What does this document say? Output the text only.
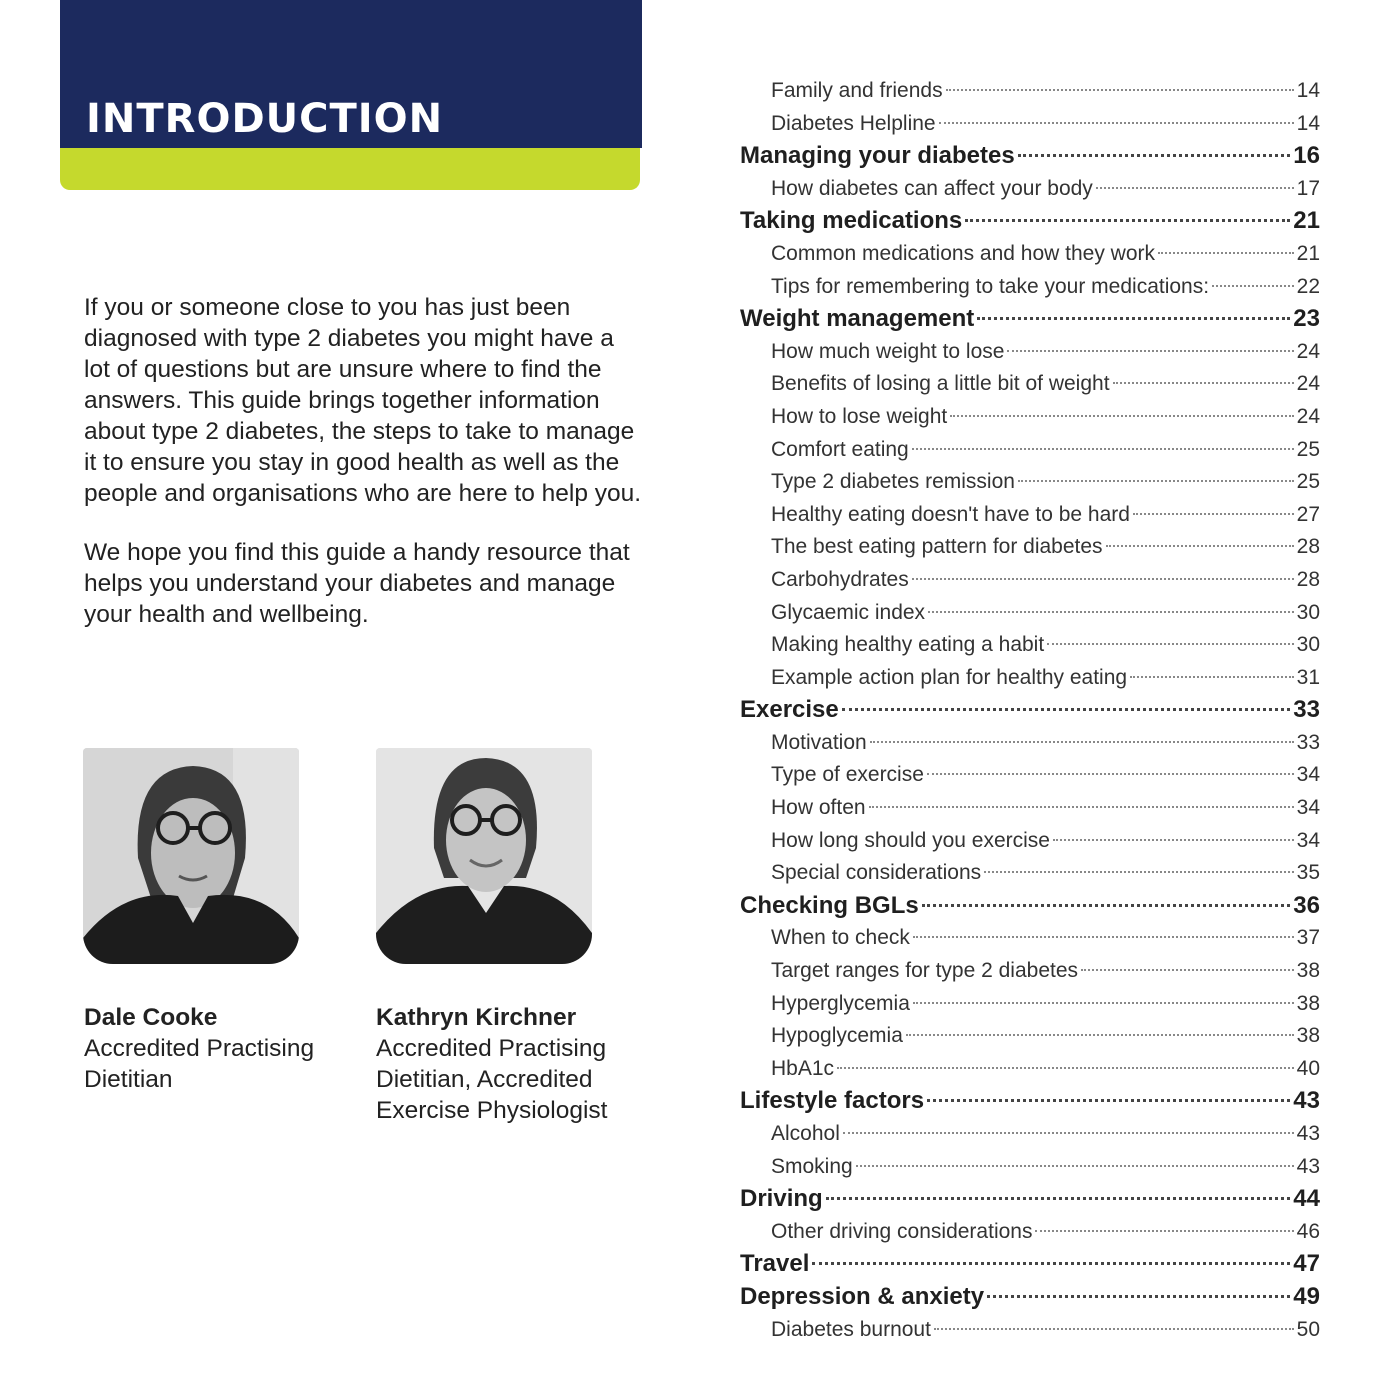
INTRODUCTION

If you or someone close to you has just been diagnosed with type 2 diabetes you might have a lot of questions but are unsure where to find the answers. This guide brings together information about type 2 diabetes, the steps to take to manage it to ensure you stay in good health as well as the people and organisations who are here to help you.

We hope you find this guide a handy resource that helps you understand your diabetes and manage your health and wellbeing.

Dale Cooke
Accredited Practising Dietitian
Kathryn Kirchner
Accredited Practising Dietitian, Accredited Exercise Physiologist
Family and friends	14
Diabetes Helpline	14
Managing your diabetes	16
How diabetes can affect your body	17
Taking medications	21
Common medications and how they work	21
Tips for remembering to take your medications:	22
Weight management	23
How much weight to lose	24
Benefits of losing a little bit of weight	24
How to lose weight	24
Comfort eating	25
Type 2 diabetes remission	25
Healthy eating doesn't have to be hard	27
The best eating pattern for diabetes	28
Carbohydrates	28
Glycaemic index	30
Making healthy eating a habit	30
Example action plan for healthy eating	31
Exercise	33
Motivation	33
Type of exercise	34
How often	34
How long should you exercise	34
Special considerations	35
Checking BGLs	36
When to check	37
Target ranges for type 2 diabetes	38
Hyperglycemia	38
Hypoglycemia	38
HbA1c	40
Lifestyle factors	43
Alcohol	43
Smoking	43
Driving	44
Other driving considerations	46
Travel	47
Depression & anxiety	49
Diabetes burnout	50
